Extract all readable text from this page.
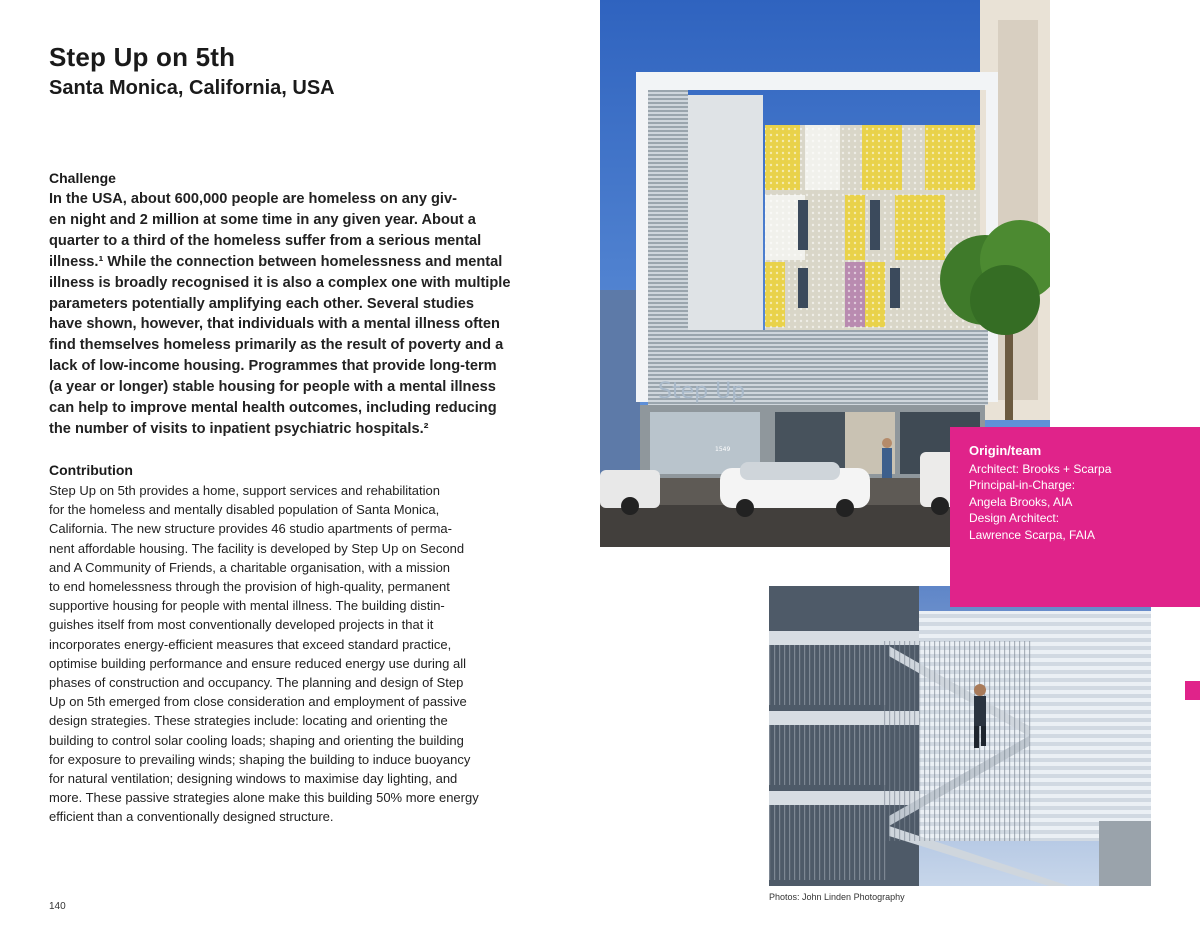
Step Up on 5th
Santa Monica, California, USA
Challenge
In the USA, about 600,000 people are homeless on any giv-
en night and 2 million at some time in any given year. About a
quarter to a third of the homeless suffer from a serious mental
illness.¹ While the connection between homelessness and mental
illness is broadly recognised it is also a complex one with multiple
parameters potentially amplifying each other. Several studies
have shown, however, that individuals with a mental illness often
find themselves homeless primarily as the result of poverty and a
lack of low-income housing. Programmes that provide long-term
(a year or longer) stable housing for people with a mental illness
can help to improve mental health outcomes, including reducing
the number of visits to inpatient psychiatric hospitals.²
Contribution
Step Up on 5th provides a home, support services and rehabilitation
for the homeless and mentally disabled population of Santa Monica,
California. The new structure provides 46 studio apartments of perma-
nent affordable housing. The facility is developed by Step Up on Second
and A Community of Friends, a charitable organisation, with a mission
to end homelessness through the provision of high-quality, permanent
supportive housing for people with mental illness. The building distin-
guishes itself from most conventionally developed projects in that it
incorporates energy-efficient measures that exceed standard practice,
optimise building performance and ensure reduced energy use during all
phases of construction and occupancy. The planning and design of Step
Up on 5th emerged from close consideration and employment of passive
design strategies. These strategies include: locating and orienting the
building to control solar cooling loads; shaping and orienting the building
for exposure to prevailing winds; shaping the building to induce buoyancy
for natural ventilation; designing windows to maximise day lighting, and
more. These passive strategies alone make this building 50% more energy
efficient than a conventionally designed structure.
Step Up
1549	Origin/team

Architect: Brooks + Scarpa
Principal-in-Charge:
Angela Brooks, AIA
Design Architect:
Lawrence Scarpa, FAIA
Photos: John Linden Photography
140
